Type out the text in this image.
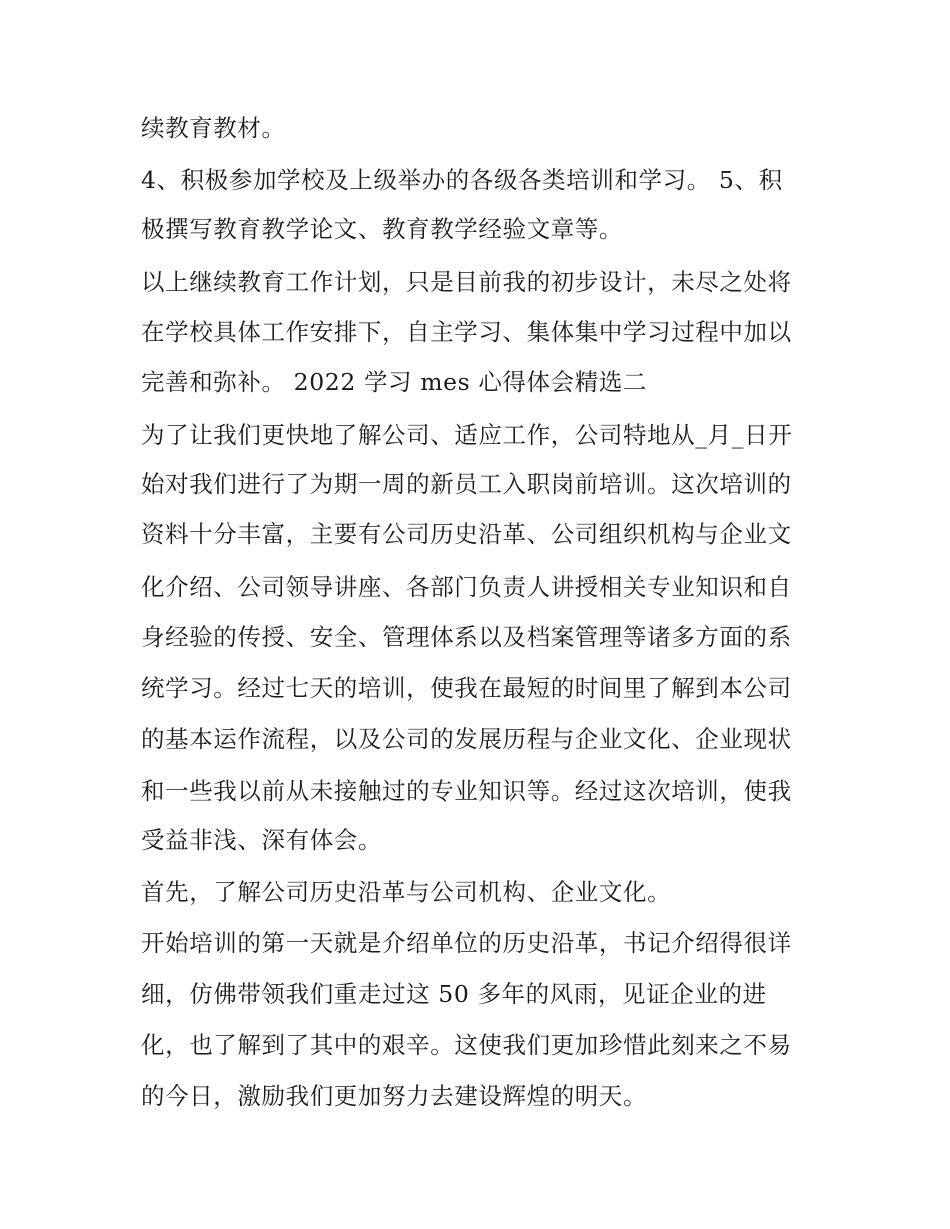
续教育教材。
4、积极参加学校及上级举办的各级各类培训和学习。 5、积
极撰写教育教学论文、教育教学经验文章等。
以上继续教育工作计划，只是目前我的初步设计，未尽之处将
在学校具体工作安排下，自主学习、集体集中学习过程中加以
完善和弥补。 2022 学习 mes 心得体会精选二
为了让我们更快地了解公司、适应工作，公司特地从_月_日开
始对我们进行了为期一周的新员工入职岗前培训。这次培训的
资料十分丰富，主要有公司历史沿革、公司组织机构与企业文
化介绍、公司领导讲座、各部门负责人讲授相关专业知识和自
身经验的传授、安全、管理体系以及档案管理等诸多方面的系
统学习。经过七天的培训，使我在最短的时间里了解到本公司
的基本运作流程，以及公司的发展历程与企业文化、企业现状
和一些我以前从未接触过的专业知识等。经过这次培训，使我
受益非浅、深有体会。
首先，了解公司历史沿革与公司机构、企业文化。
开始培训的第一天就是介绍单位的历史沿革，书记介绍得很详
细，仿佛带领我们重走过这 50 多年的风雨，见证企业的进
化，也了解到了其中的艰辛。这使我们更加珍惜此刻来之不易
的今日，激励我们更加努力去建设辉煌的明天。
